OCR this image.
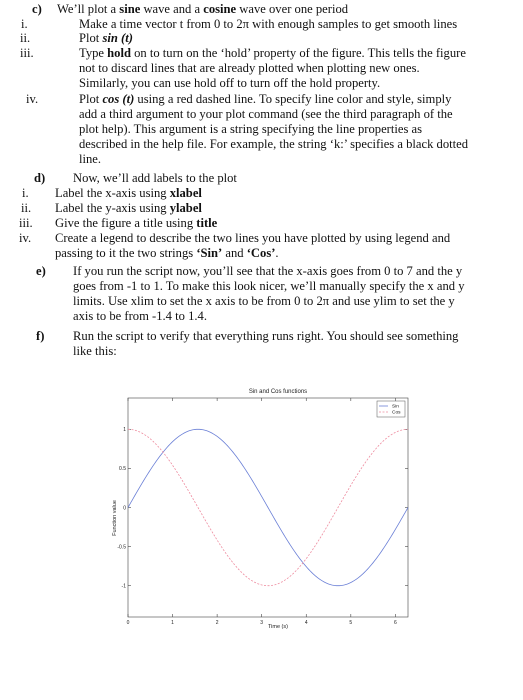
c) We’ll plot a sine wave and a cosine wave over one period
i.	Make a time vector t from 0 to 2π with enough samples to get smooth lines
ii.	Plot sin (t)
iii.	Type hold on to turn on the ‘hold’ property of the figure. This tells the figure
not to discard lines that are already plotted when plotting new ones.
Similarly, you can use hold off to turn off the hold property.
iv.	Plot cos (t) using a red dashed line. To specify line color and style, simply
add a third argument to your plot command (see the third paragraph of the
plot help). This argument is a string specifying the line properties as
described in the help file. For example, the string ‘k:’ specifies a black dotted
line.
d) Now, we’ll add labels to the plot
i. Label the x-axis using xlabel
ii. Label the y-axis using ylabel
iii. Give the figure a title using title
iv. Create a legend to describe the two lines you have plotted by using legend and
passing to it the two strings ‘Sin’ and ‘Cos’.
e) If you run the script now, you’ll see that the x-axis goes from 0 to 7 and the y
goes from -1 to 1. To make this look nicer, we’ll manually specify the x and y
limits. Use xlim to set the x axis to be from 0 to 2π and use ylim to set the y
axis to be from -1.4 to 1.4.
f) Run the script to verify that everything runs right. You should see something
like this:
Sin and Cos functions
Time (s)
Function value
0	1	2	3	4	5	6
1
0.5
0
-0.5
-1
Sin
Cos
